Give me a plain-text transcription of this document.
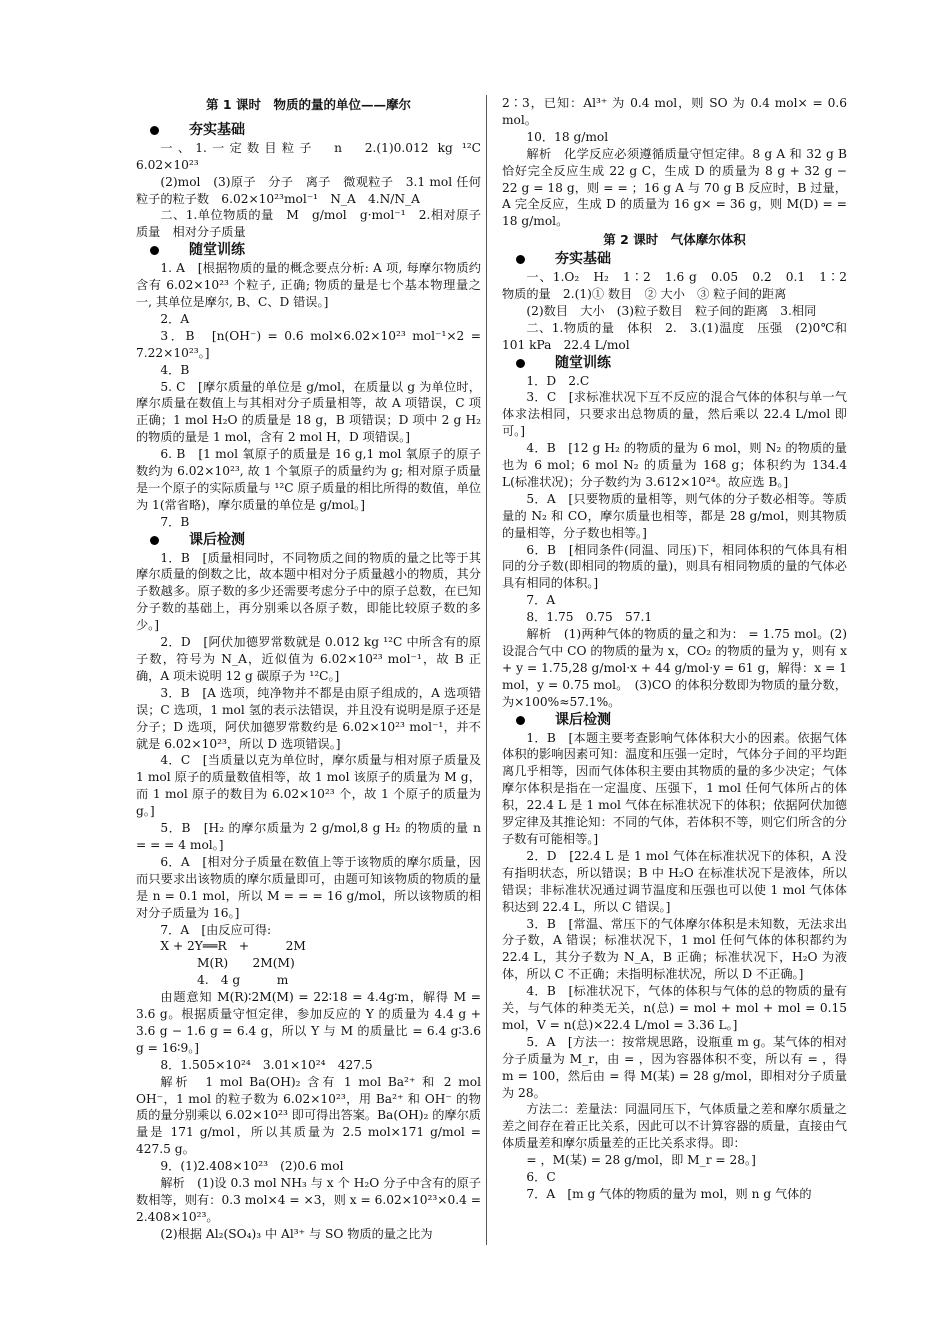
第 1 课时　物质的量的单位——摩尔
夯实基础

一、1.一定数目粒子　n　2.(1)0.012 kg ¹²C　6.02×10²³

(2)mol　(3)原子　分子　离子　微观粒子　3.1 mol 任何粒子的粒子数　6.02×10²³mol⁻¹　N_A　4.N/N_A

二、1.单位物质的量　M　g/mol　g·mol⁻¹　2.相对原子质量　相对分子质量

随堂训练

1. A　[根据物质的量的概念要点分析: A 项, 每摩尔物质约含有 6.02×10²³ 个粒子, 正确; 物质的量是七个基本物理量之一, 其单位是摩尔, B、C、D 错误。]

2．A

3．B　[n(OH⁻) = 0.6 mol×6.02×10²³ mol⁻¹×2 = 7.22×10²³。]

4．B

5. C　[摩尔质量的单位是 g/mol，在质量以 g 为单位时，摩尔质量在数值上与其相对分子质量相等，故 A 项错误，C 项正确；1 mol H₂O 的质量是 18 g，B 项错误；D 项中 2 g H₂ 的物质的量是 1 mol，含有 2 mol H，D 项错误。]

6. B　[1 mol 氧原子的质量是 16 g,1 mol 氧原子的原子数约为 6.02×10²³, 故 1 个氧原子的质量约为 g; 相对原子质量是一个原子的实际质量与 ¹²C 原子质量的相比所得的数值，单位为 1(常省略)，摩尔质量的单位是 g/mol。]

7．B

课后检测

1．B　[质量相同时，不同物质之间的物质的量之比等于其摩尔质量的倒数之比，故本题中相对分子质量越小的物质，其分子数越多。原子数的多少还需要考虑分子中的原子总数，在已知分子数的基础上，再分别乘以各原子数，即能比较原子数的多少。]

2．D　[阿伏加德罗常数就是 0.012 kg ¹²C 中所含有的原子数，符号为 N_A，近似值为 6.02×10²³ mol⁻¹，故 B 正确，A 项未说明 12 g 碳原子为 ¹²C。]

3．B　[A 选项，纯净物并不都是由原子组成的，A 选项错误；C 选项，1 mol 氢的表示法错误，并且没有说明是原子还是分子；D 选项，阿伏加德罗常数约是 6.02×10²³ mol⁻¹，并不就是 6.02×10²³，所以 D 选项错误。]

4．C　[当质量以克为单位时，摩尔质量与相对原子质量及 1 mol 原子的质量数值相等，故 1 mol 该原子的质量为 M g，而 1 mol 原子的数目为 6.02×10²³ 个，故 1 个原子的质量为 g。]

5．B　[H₂ 的摩尔质量为 2 g/mol,8 g H₂ 的物质的量 n = = = 4 mol。]

6．A　[相对分子质量在数值上等于该物质的摩尔质量，因而只要求出该物质的摩尔质量即可，由题可知该物质的物质的量是 n = 0.1 mol，所以 M = = = 16 g/mol，所以该物质的相对分子质量为 16。]

7．A　[由反应可得:

X + 2Y══R　+　　　2M

M(R)　　2M(M)

4.　4 g　　　m

由题意知 M(R)∶2M(M) = 22∶18 = 4.4g∶m，解得 M = 3.6 g。根据质量守恒定律，参加反应的 Y 的质量为 4.4 g + 3.6 g − 1.6 g = 6.4 g，所以 Y 与 M 的质量比 = 6.4 g∶3.6 g = 16∶9。]

8．1.505×10²⁴　3.01×10²⁴　427.5

解析　1 mol Ba(OH)₂ 含有 1 mol Ba²⁺ 和 2 mol OH⁻，1 mol 的粒子数为 6.02×10²³，用 Ba²⁺ 和 OH⁻ 的物质的量分别乘以 6.02×10²³ 即可得出答案。Ba(OH)₂ 的摩尔质量是 171 g/mol，所以其质量为 2.5 mol×171 g/mol = 427.5 g。

9．(1)2.408×10²³　(2)0.6 mol

解析　(1)设 0.3 mol NH₃ 与 x 个 H₂O 分子中含有的原子数相等，则有：0.3 mol×4 = ×3，则 x = 6.02×10²³×0.4 = 2.408×10²³。

(2)根据 Al₂(SO₄)₃ 中 Al³⁺ 与 SO 物质的量之比为

2∶3，已知：Al³⁺ 为 0.4 mol，则 SO 为 0.4 mol× = 0.6 mol。

10．18 g/mol

解析　化学反应必须遵循质量守恒定律。8 g A 和 32 g B 恰好完全反应生成 22 g C，生成 D 的质量为 8 g + 32 g − 22 g = 18 g，则 = = ；16 g A 与 70 g B 反应时，B 过量，A 完全反应，生成 D 的质量为 16 g× = 36 g，则 M(D) = = 18 g/mol。

第 2 课时　气体摩尔体积
夯实基础

一、1.O₂　H₂　1∶2　1.6 g　0.05　0.2　0.1　1∶2　物质的量　2.(1)① 数目　② 大小　③ 粒子间的距离

(2)数目　大小　(3)粒子数目　粒子间的距离　3.相同

二、1.物质的量　体积　2.　3.(1)温度　压强　(2)0℃和 101 kPa　22.4 L/mol

随堂训练

1．D　2.C

3．C　[求标准状况下互不反应的混合气体的体积与单一气体求法相同，只要求出总物质的量，然后乘以 22.4 L/mol 即可。]

4．B　[12 g H₂ 的物质的量为 6 mol，则 N₂ 的物质的量也为 6 mol；6 mol N₂ 的质量为 168 g；体积约为 134.4 L(标准状况)；分子数约为 3.612×10²⁴。故应选 B。]

5．A　[只要物质的量相等，则气体的分子数必相等。等质量的 N₂ 和 CO，摩尔质量也相等，都是 28 g/mol，则其物质的量相等，分子数也相等。]

6．B　[相同条件(同温、同压)下，相同体积的气体具有相同的分子数(即相同的物质的量)，则具有相同物质的量的气体必具有相同的体积。]

7．A

8．1.75　0.75　57.1

解析　(1)两种气体的物质的量之和为： = 1.75 mol。(2)设混合气中 CO 的物质的量为 x，CO₂ 的物质的量为 y，则有 x + y = 1.75,28 g/mol·x + 44 g/mol·y = 61 g，解得：x = 1 mol，y = 0.75 mol。　(3)CO 的体积分数即为物质的量分数，为×100%≈57.1%。

课后检测

1．B　[本题主要考查影响气体体积大小的因素。依据气体体积的影响因素可知：温度和压强一定时，气体分子间的平均距离几乎相等，因而气体体积主要由其物质的量的多少决定；气体摩尔体积是指在一定温度、压强下，1 mol 任何气体所占的体积，22.4 L 是 1 mol 气体在标准状况下的体积；依据阿伏加德罗定律及其推论知：不同的气体，若体积不等，则它们所含的分子数有可能相等。]

2．D　[22.4 L 是 1 mol 气体在标准状况下的体积，A 没有指明状态，所以错误；B 中 H₂O 在标准状况下是液体，所以错误；非标准状况通过调节温度和压强也可以使 1 mol 气体体积达到 22.4 L，所以 C 错误。]

3．B　[常温、常压下的气体摩尔体积是未知数，无法求出分子数，A 错误；标准状况下，1 mol 任何气体的体积都约为 22.4 L，其分子数为 N_A，B 正确；标准状况下，H₂O 为液体，所以 C 不正确；未指明标准状况，所以 D 不正确。]

4．B　[标准状况下，气体的体积与气体的总的物质的量有关，与气体的种类无关，n(总) = mol + mol + mol = 0.15 mol，V = n(总)×22.4 L/mol = 3.36 L。]

5．A　[方法一：按常规思路，设瓶重 m g。某气体的相对分子质量为 M_r，由 = ，因为容器体积不变，所以有 = ，得 m = 100，然后由 = 得 M(某) = 28 g/mol，即相对分子质量为 28。

方法二：差量法：同温同压下，气体质量之差和摩尔质量之差之间存在着正比关系，因此可以不计算容器的质量，直接由气体质量差和摩尔质量差的正比关系求得。即：

= ，M(某) = 28 g/mol，即 M_r = 28。]

6．C

7．A　[m g 气体的物质的量为 mol，则 n g 气体的
